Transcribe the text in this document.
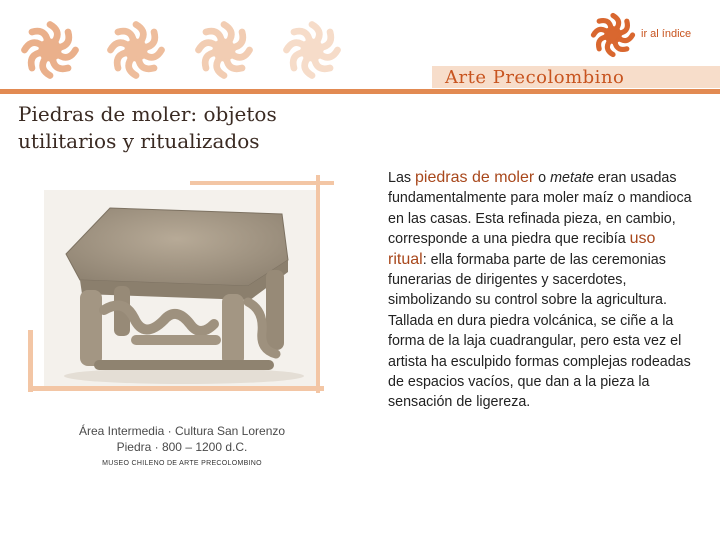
ir al índice
Arte Precolombino
Piedras de moler: objetos
utilitarios y ritualizados
Área Intermedia · Cultura San Lorenzo
Piedra · 800 – 1200 d.C.
MUSEO CHILENO DE ARTE PRECOLOMBINO
Las piedras de moler o metate eran usadas fundamentalmente para moler maíz o mandioca en las casas. Esta refinada pieza, en cambio, corresponde a una piedra que recibía uso ritual: ella formaba parte de las ceremonias funerarias de dirigentes y sacerdotes, simbolizando su control sobre la agricultura. Tallada en dura piedra volcánica, se ciñe a la forma de la laja cuadrangular, pero esta vez el artista ha esculpido formas complejas rodeadas de espacios vacíos, que dan a la pieza la sensación de ligereza.
